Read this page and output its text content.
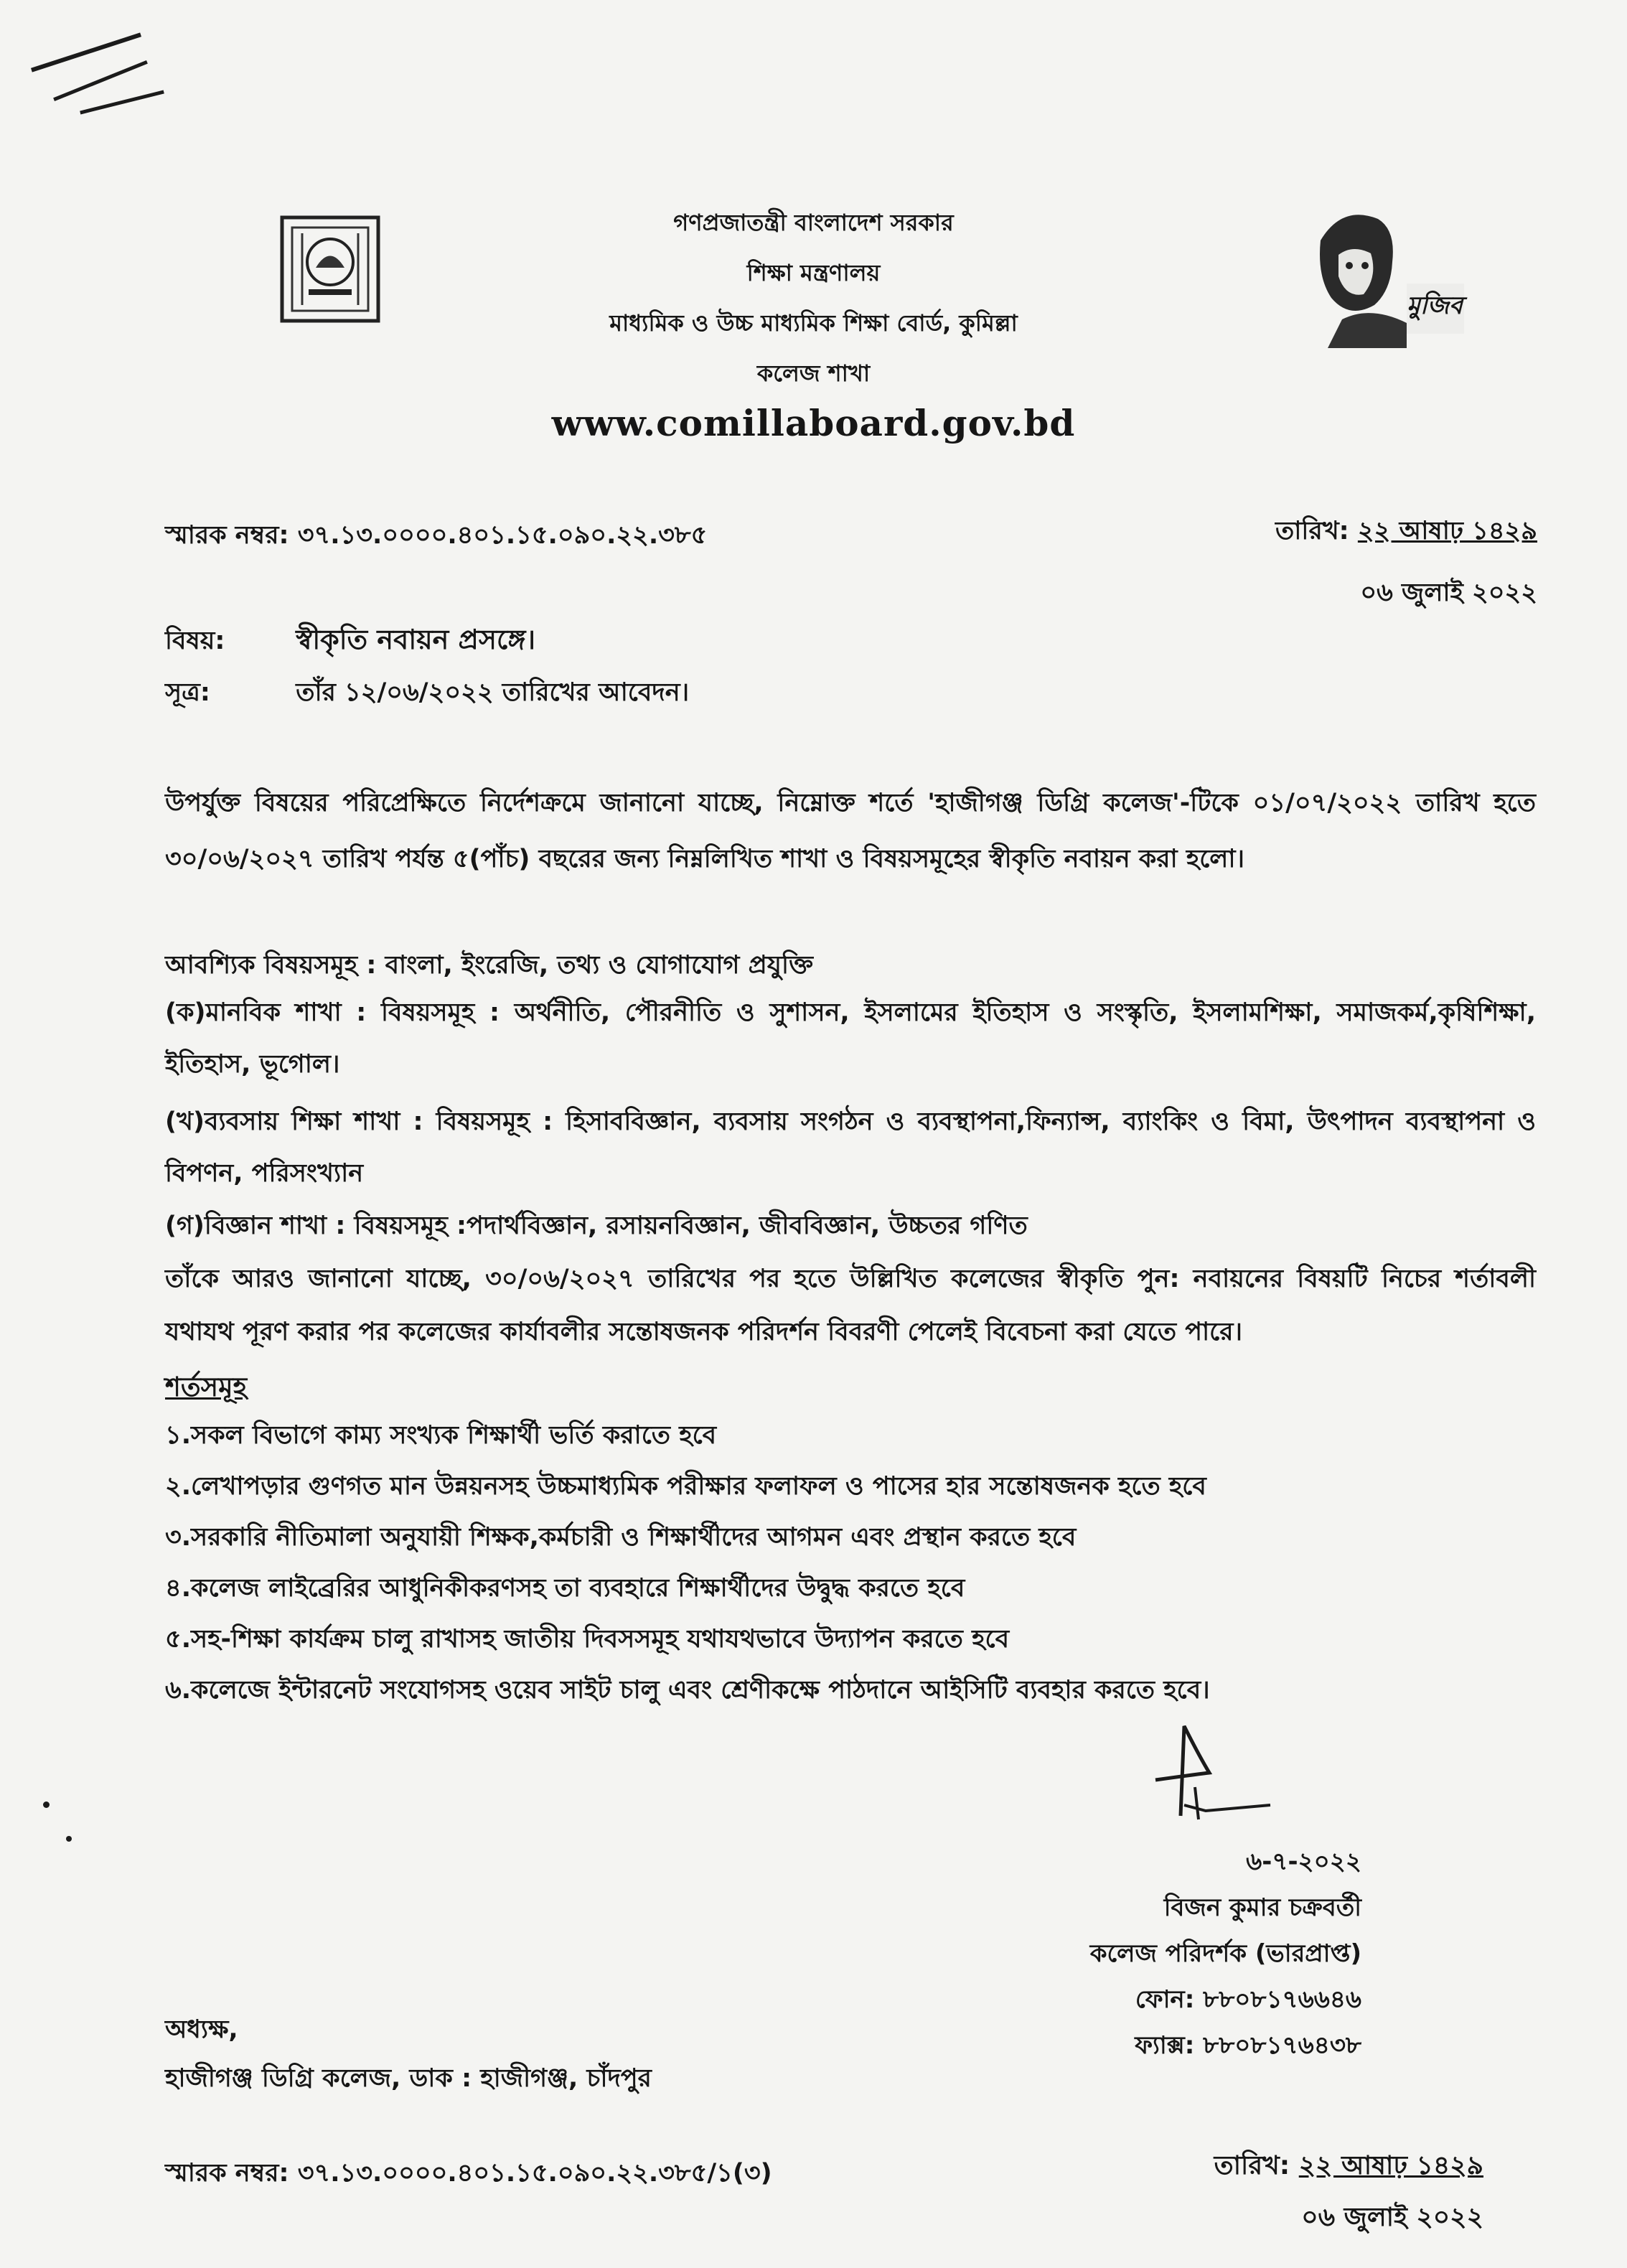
মুজিব
গণপ্রজাতন্ত্রী বাংলাদেশ সরকার
শিক্ষা মন্ত্রণালয়
মাধ্যমিক ও উচ্চ মাধ্যমিক শিক্ষা বোর্ড, কুমিল্লা
কলেজ শাখা
www.comillaboard.gov.bd
স্মারক নম্বর: ৩৭.১৩.০০০০.৪০১.১৫.০৯০.২২.৩৮৫	তারিখ: ২২ আষাঢ় ১৪২৯
০৬ জুলাই ২০২২
বিষয়:	স্বীকৃতি নবায়ন প্রসঙ্গে।
সূত্র:	তাঁর ১২/০৬/২০২২ তারিখের আবেদন।
উপর্যুক্ত বিষয়ের পরিপ্রেক্ষিতে নির্দেশক্রমে জানানো যাচ্ছে, নিম্নোক্ত শর্তে 'হাজীগঞ্জ ডিগ্রি কলেজ'-টিকে ০১/০৭/২০২২ তারিখ হতে ৩০/০৬/২০২৭ তারিখ পর্যন্ত ৫(পাঁচ) বছরের জন্য নিম্নলিখিত শাখা ও বিষয়সমূহের স্বীকৃতি নবায়ন করা হলো।
আবশ্যিক বিষয়সমূহ : বাংলা, ইংরেজি, তথ্য ও যোগাযোগ প্রযুক্তি
(ক)মানবিক শাখা : বিষয়সমূহ : অর্থনীতি, পৌরনীতি ও সুশাসন, ইসলামের ইতিহাস ও সংস্কৃতি, ইসলামশিক্ষা, সমাজকর্ম,কৃষিশিক্ষা, ইতিহাস, ভূগোল।
(খ)ব্যবসায় শিক্ষা শাখা : বিষয়সমূহ : হিসাববিজ্ঞান, ব্যবসায় সংগঠন ও ব্যবস্থাপনা,ফিন্যান্স, ব্যাংকিং ও বিমা, উৎপাদন ব্যবস্থাপনা ও বিপণন, পরিসংখ্যান
(গ)বিজ্ঞান শাখা : বিষয়সমূহ :পদার্থবিজ্ঞান, রসায়নবিজ্ঞান, জীববিজ্ঞান, উচ্চতর গণিত
তাঁকে আরও জানানো যাচ্ছে, ৩০/০৬/২০২৭ তারিখের পর হতে উল্লিখিত কলেজের স্বীকৃতি পুন: নবায়নের বিষয়টি নিচের শর্তাবলী যথাযথ পূরণ করার পর কলেজের কার্যাবলীর সন্তোষজনক পরিদর্শন বিবরণী পেলেই বিবেচনা করা যেতে পারে।
শর্তসমূহ
১.সকল বিভাগে কাম্য সংখ্যক শিক্ষার্থী ভর্তি করাতে হবে
২.লেখাপড়ার গুণগত মান উন্নয়নসহ উচ্চমাধ্যমিক পরীক্ষার ফলাফল ও পাসের হার সন্তোষজনক হতে হবে
৩.সরকারি নীতিমালা অনুযায়ী শিক্ষক,কর্মচারী ও শিক্ষার্থীদের আগমন এবং প্রস্থান করতে হবে
৪.কলেজ লাইব্রেরির আধুনিকীকরণসহ তা ব্যবহারে শিক্ষার্থীদের উদ্বুদ্ধ করতে হবে
৫.সহ-শিক্ষা কার্যক্রম চালু রাখাসহ জাতীয় দিবসসমূহ যথাযথভাবে উদ্যাপন করতে হবে
৬.কলেজে ইন্টারনেট সংযোগসহ ওয়েব সাইট চালু এবং শ্রেণীকক্ষে পাঠদানে আইসিটি ব্যবহার করতে হবে।
৬-৭-২০২২
বিজন কুমার চক্রবর্তী
কলেজ পরিদর্শক (ভারপ্রাপ্ত)
ফোন: ৮৮০৮১৭৬৬৪৬
ফ্যাক্স: ৮৮০৮১৭৬৪৩৮
অধ্যক্ষ,
হাজীগঞ্জ ডিগ্রি কলেজ, ডাক : হাজীগঞ্জ, চাঁদপুর
স্মারক নম্বর: ৩৭.১৩.০০০০.৪০১.১৫.০৯০.২২.৩৮৫/১(৩)	তারিখ: ২২ আষাঢ় ১৪২৯
০৬ জুলাই ২০২২
